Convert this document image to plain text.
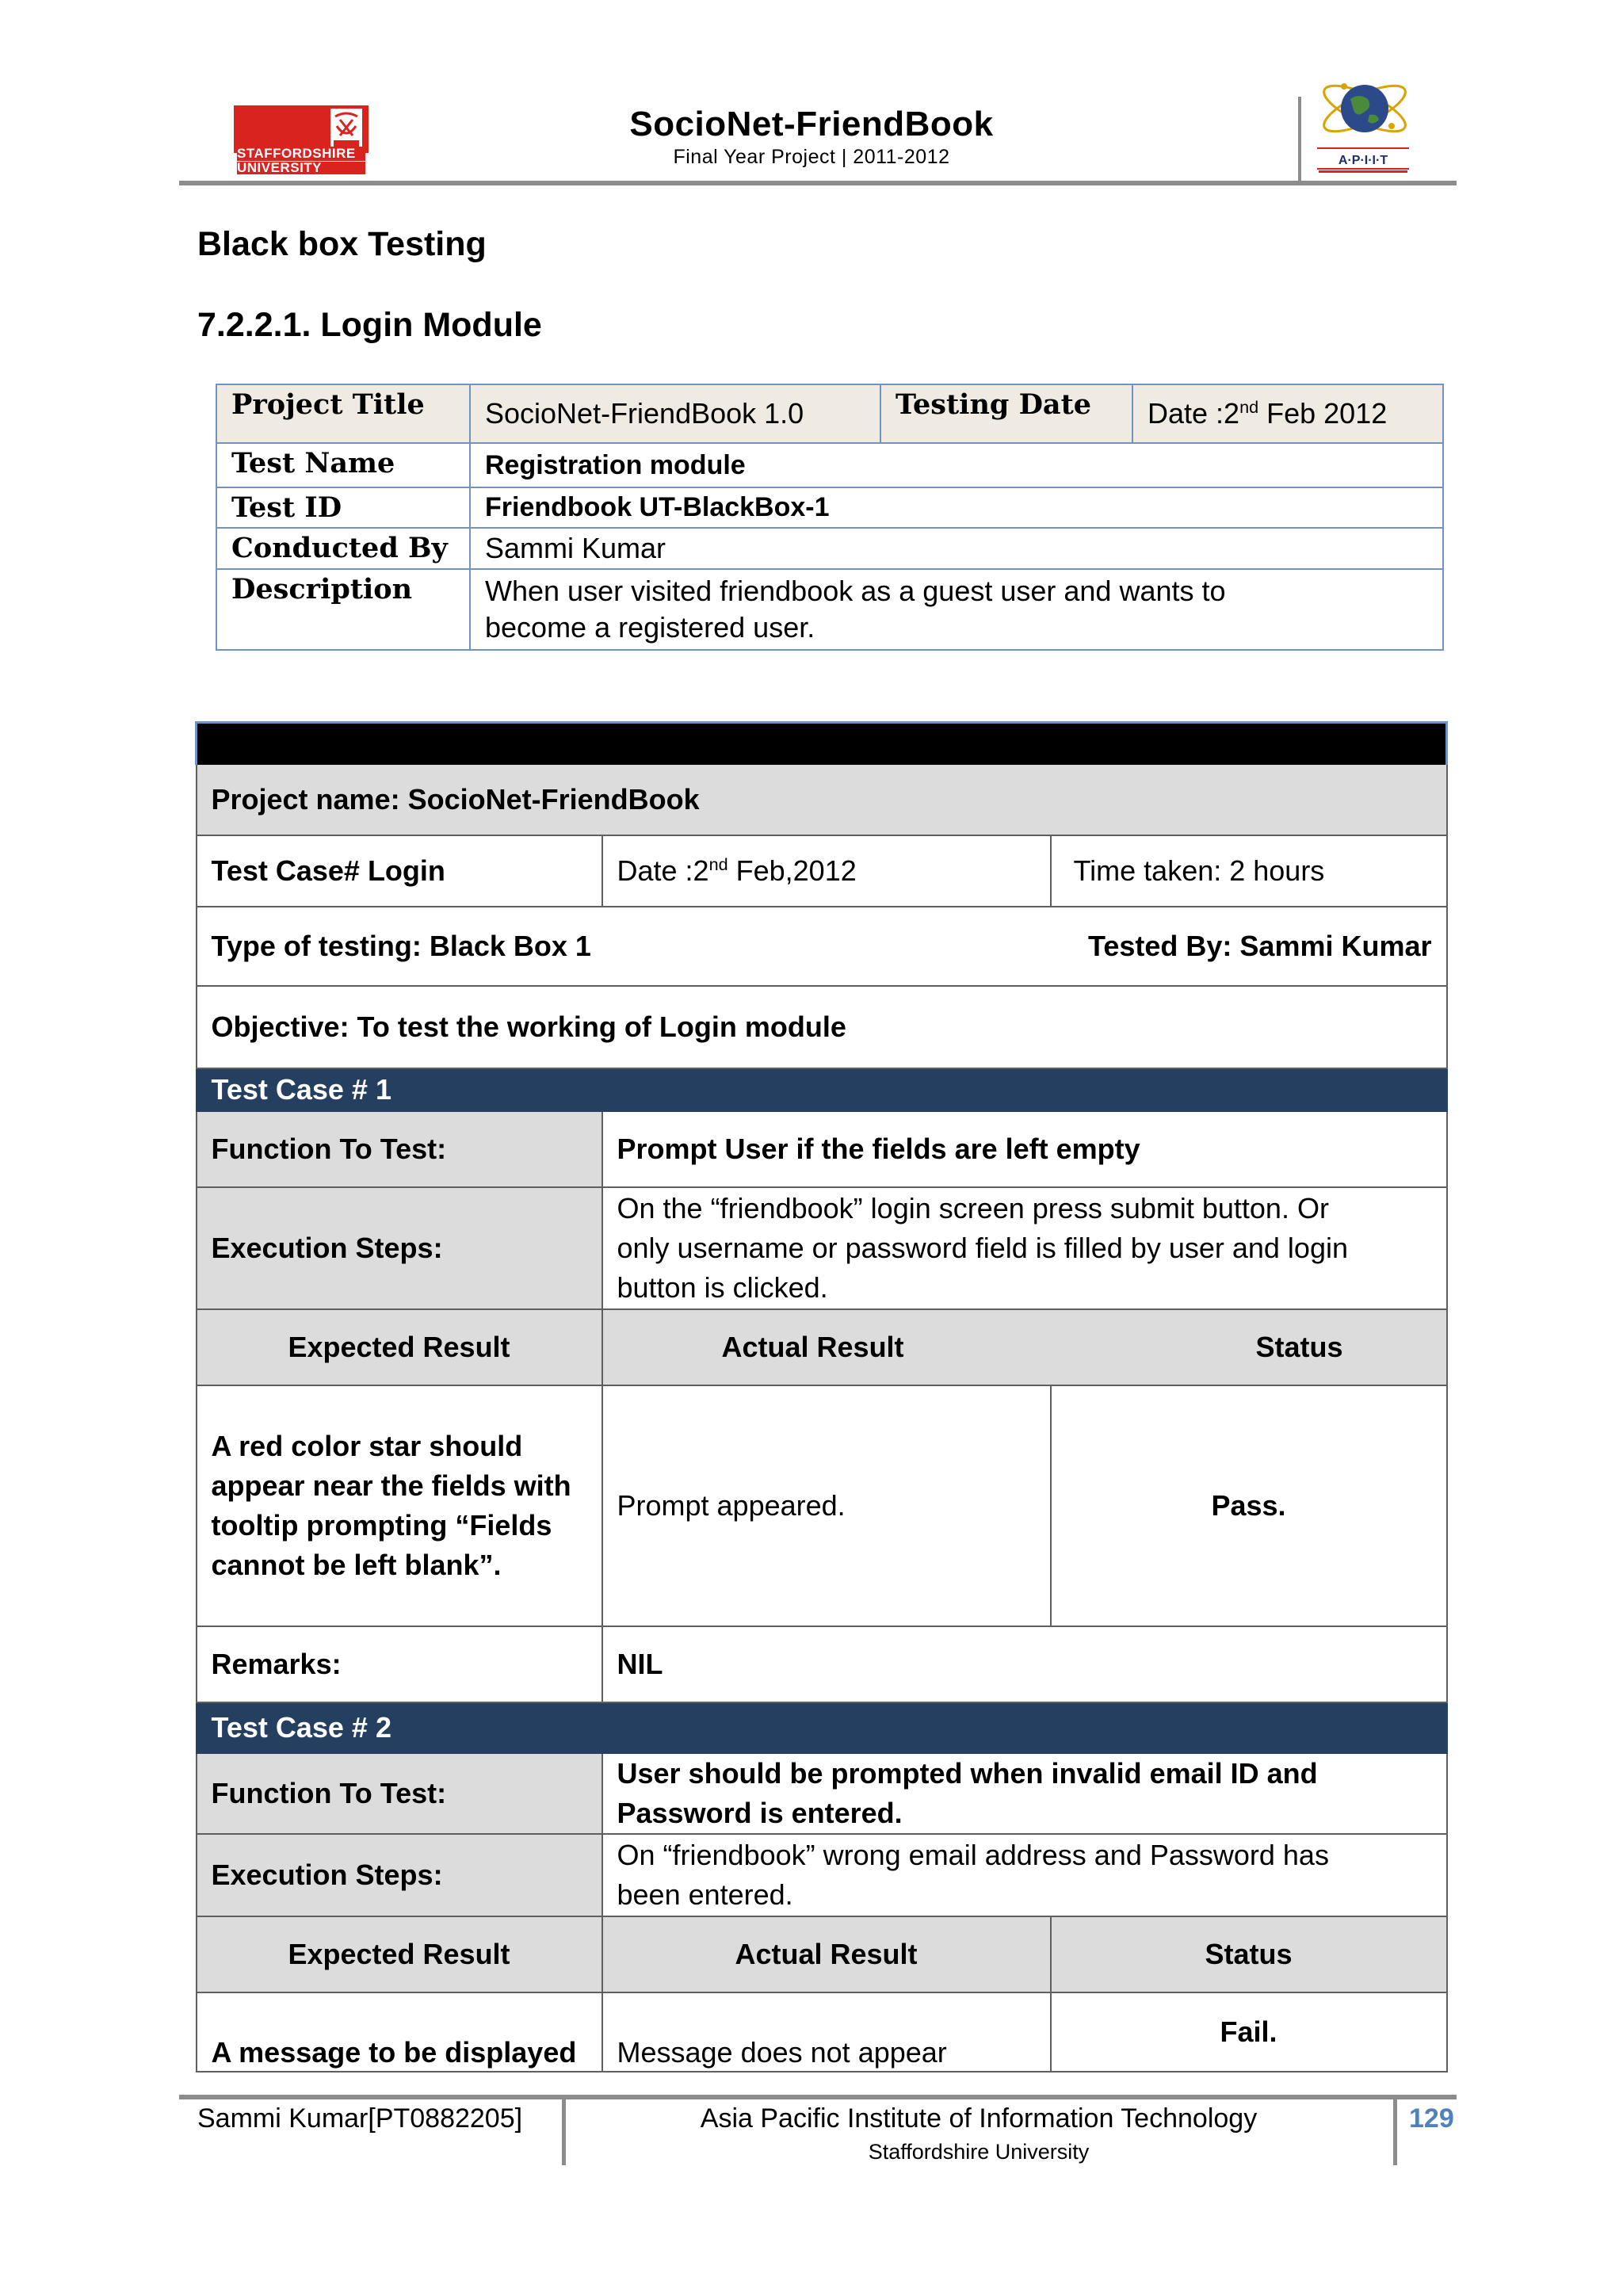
STAFFORDSHIRE
UNIVERSITY
SocioNet-FriendBook
Final Year Project | 2011-2012	A·P·I·I·T
Black box Testing
7.2.2.1. Login Module
Project Title	SocioNet-FriendBook 1.0	Testing Date	Date :2nd Feb 2012
Test Name	Registration module		
Test ID	Friendbook UT-BlackBox-1		
Conducted By	Sammi Kumar		
Description	When user visited friendbook as a guest user and wants to become a registered user.		

Project name: SocioNet-FriendBook		
Test Case# Login	Date :2nd Feb,2012	Time taken: 2 hours
Type of testing: Black Box 1 Tested By: Sammi Kumar		

Objective: To test the working of Login module		
Test Case # 1		
Function To Test:	Prompt User if the fields are left empty	
Execution Steps:	On the “friendbook” login screen press submit button. Or only username or password field is filled by user and login button is clicked.	
Expected Result	Actual Result	Status
A red color star should appear near the fields with tooltip prompting “Fields cannot be left blank”.	Prompt appeared.	Pass.
Remarks:	NIL	
Test Case # 2		
Function To Test:	User should be prompted when invalid email ID and Password is entered.	
Execution Steps:	On “friendbook” wrong email address and Password has been entered.	
Expected Result	Actual Result	Status
A message to be displayed	Message does not appear	Fail.
Sammi Kumar[PT0882205]	Asia Pacific Institute of Information Technology
Staffordshire University
129
